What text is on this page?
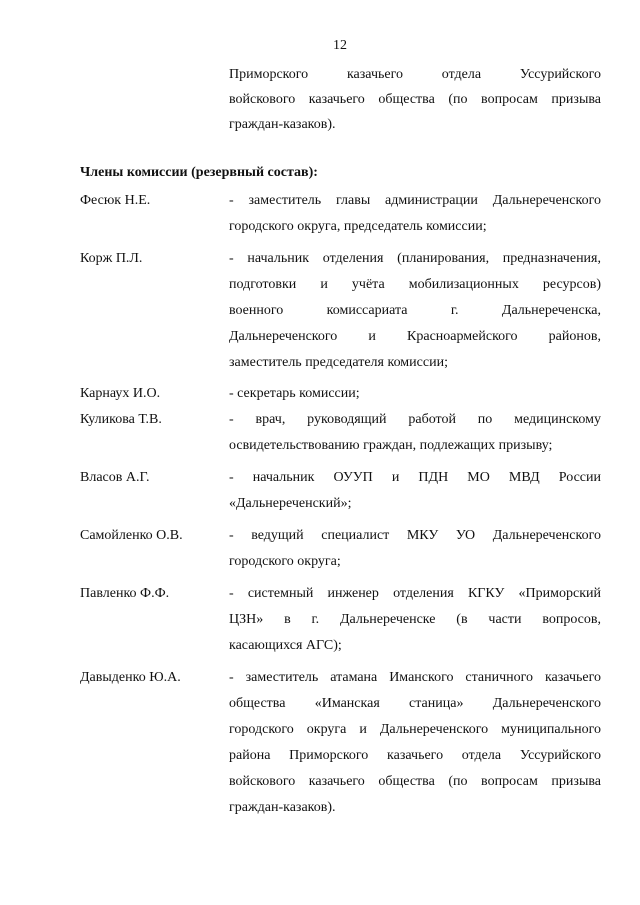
12
Приморского казачьего отдела Уссурийского
войскового казачьего общества (по вопросам призыва
граждан-казаков).
Члены комиссии (резервный состав):
Фесюк Н.Е.	- заместитель главы администрации Дальнереченского
городского округа, председатель комиссии;
Корж П.Л.	- начальник отделения (планирования, предназначения,
подготовки и учёта мобилизационных ресурсов)
военного комиссариата г. Дальнереченска,
Дальнереченского и Красноармейского районов,
заместитель председателя комиссии;
Карнаух И.О.	- секретарь комиссии;
Куликова Т.В.	- врач, руководящий работой по медицинскому
освидетельствованию граждан, подлежащих призыву;
Власов А.Г.	- начальник ОУУП и ПДН МО МВД России
«Дальнереченский»;
Самойленко О.В.	- ведущий специалист МКУ УО Дальнереченского
городского округа;
Павленко Ф.Ф.	- системный инженер отделения КГКУ «Приморский
ЦЗН» в г. Дальнереченске (в части вопросов,
касающихся АГС);
Давыденко Ю.А.	- заместитель атамана Иманского станичного казачьего
общества «Иманская станица» Дальнереченского
городского округа и Дальнереченского муниципального
района Приморского казачьего отдела Уссурийского
войскового казачьего общества (по вопросам призыва
граждан-казаков).
